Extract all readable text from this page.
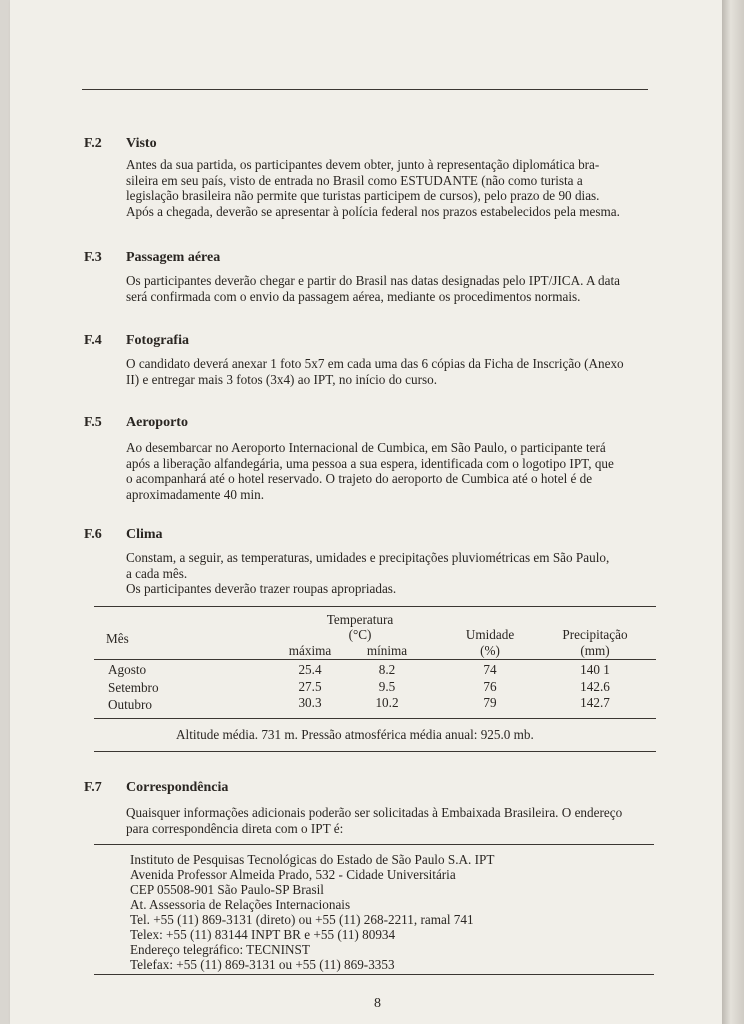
F.2 Visto
Antes da sua partida, os participantes devem obter, junto à representação diplomática bra-
sileira em seu país, visto de entrada no Brasil como ESTUDANTE (não como turista a
legislação brasileira não permite que turistas participem de cursos), pelo prazo de 90 dias.
Após a chegada, deverão se apresentar à polícia federal nos prazos estabelecidos pela mesma.
F.3 Passagem aérea
Os participantes deverão chegar e partir do Brasil nas datas designadas pelo IPT/JICA. A data
será confirmada com o envio da passagem aérea, mediante os procedimentos normais.
F.4 Fotografia
O candidato deverá anexar 1 foto 5x7 em cada uma das 6 cópias da Ficha de Inscrição (Anexo
II) e entregar mais 3 fotos (3x4) ao IPT, no início do curso.
F.5 Aeroporto
Ao desembarcar no Aeroporto Internacional de Cumbica, em São Paulo, o participante terá
após a liberação alfandegária, uma pessoa a sua espera, identificada com o logotipo IPT, que
o acompanhará até o hotel reservado. O trajeto do aeroporto de Cumbica até o hotel é de
aproximadamente 40 min.
F.6 Clima
Constam, a seguir, as temperaturas, umidades e precipitações pluviométricas em São Paulo,
a cada mês.
Os participantes deverão trazer roupas apropriadas.
Mês
Temperatura
(°C)
máxima	mínima
Umidade
(%)
Precipitação
(mm)
Agosto	25.4	8.2	74	140 1
Setembro	27.5	9.5	76	142.6
Outubro	30.3	10.2	79	142.7
Altitude média. 731 m. Pressão atmosférica média anual: 925.0 mb.
F.7 Correspondência
Quaisquer informações adicionais poderão ser solicitadas à Embaixada Brasileira. O endereço
para correspondência direta com o IPT é:
Instituto de Pesquisas Tecnológicas do Estado de São Paulo S.A. IPT
Avenida Professor Almeida Prado, 532 - Cidade Universitária
CEP 05508-901 São Paulo-SP Brasil
At. Assessoria de Relações Internacionais
Tel. +55 (11) 869-3131 (direto) ou +55 (11) 268-2211, ramal 741
Telex: +55 (11) 83144 INPT BR e +55 (11) 80934
Endereço telegráfico: TECNINST
Telefax: +55 (11) 869-3131 ou +55 (11) 869-3353
8
